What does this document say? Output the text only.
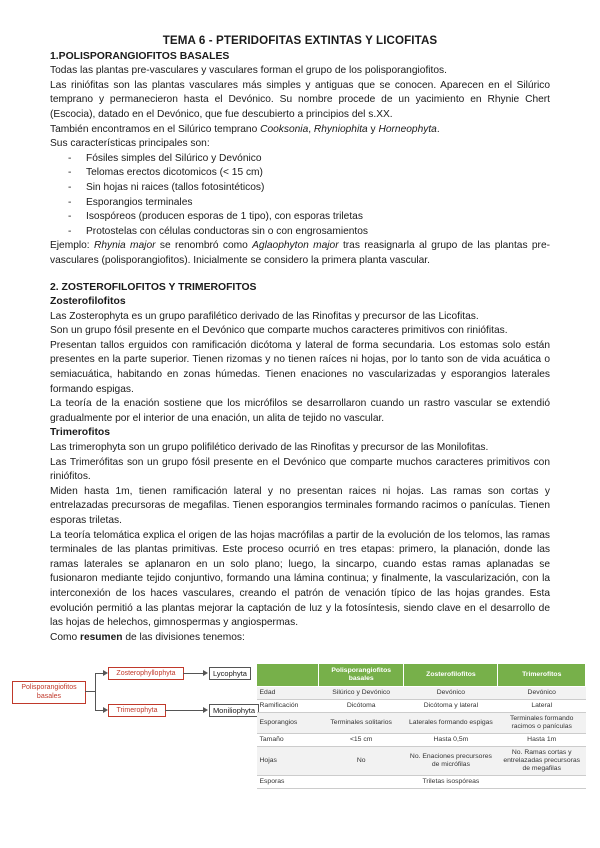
TEMA 6 - PTERIDOFITAS EXTINTAS Y LICOFITAS
1.POLISPORANGIOFITOS BASALES

Todas las plantas pre-vasculares y vasculares forman el grupo de los polisporangiofitos.

Las riniófitas son las plantas vasculares más simples y antiguas que se conocen. Aparecen en el Silúrico temprano y permanecieron hasta el Devónico. Su nombre procede de un yacimiento en Rhynie Chert (Escocia), datado en el Devónico, que fue descubierto a principios del s.XX.

También encontramos en el Silúrico temprano Cooksonia, Rhyniophita y Horneophyta.

Sus características principales son:

- Fósiles simples del Silúrico y Devónico
- Telomas erectos dicotomicos (< 15 cm)
- Sin hojas ni raices (tallos fotosintéticos)
- Esporangios terminales
- Isospóreos (producen esporas de 1 tipo), con esporas triletas
- Protostelas con células conductoras sin o con engrosamientos

Ejemplo: Rhynia major se renombró como Aglaophyton major tras reasignarla al grupo de las plantas pre-vasculares (polisporangiofitos). Inicialmente se considero la primera planta vascular.

2. ZOSTEROFILOFITOS Y TRIMEROFITOS
Zosterofilofitos

Las Zosterophyta es un grupo parafilético derivado de las Rinofitas y precursor de las Licofitas.

Son un grupo fósil presente en el Devónico que comparte muchos caracteres primitivos con riniófitas.

Presentan tallos erguidos con ramificación dicótoma y lateral de forma secundaria. Los estomas solo están presentes en la parte superior. Tienen rizomas y no tienen raíces ni hojas, por lo tanto son de vida acuática o semiacuática, habitando en zonas húmedas. Tienen enaciones no vascularizadas y esporangios laterales formando espigas.

La teoría de la enación sostiene que los micrófilos se desarrollaron cuando un rastro vascular se extendió gradualmente por el interior de una enación, un alita de tejido no vascular.

Trimerofitos

Las trimerophyta son un grupo polifilético derivado de las Rinofitas y precursor de las Monilofitas.

Las Trimerófitas son un grupo fósil presente en el Devónico que comparte muchos caracteres primitivos con riniófitos.

Miden hasta 1m, tienen ramificación lateral y no presentan raices ni hojas. Las ramas son cortas y entrelazadas precursoras de megafilas. Tienen esporangios terminales formando racimos o panículas. Tienen esporas triletas.

La teoría telomática explica el origen de las hojas macrófilas a partir de la evolución de los telomos, las ramas terminales de las plantas primitivas. Este proceso ocurrió en tres etapas: primero, la planación, donde las ramas laterales se aplanaron en un solo plano; luego, la sincarpo, cuando estas ramas aplanadas se fusionaron mediante tejido conjuntivo, formando una lámina continua; y finalmente, la vascularización, con la interconexión de los haces vasculares, creando el patrón de venación típico de las hojas grandes. Esta evolución permitió a las plantas mejorar la captación de luz y la fotosíntesis, siendo clave en el desarrollo de las hojas de helechos, gimnospermas y angiospermas.

Como resumen de las divisiones tenemos:

Polisporangiofitos basales
Zosterophyllophyta
Trimerophyta
Lycophyta
Moniliophyta
	Polisporangiofitos basales	Zosterofilofitos	Trimerofitos
Edad	Silúrico y Devónico	Devónico	Devónico
Ramificación	Dicótoma	Dicótoma y lateral	Lateral
Esporangios	Terminales solitarios	Laterales formando espigas	Terminales formando racimos o panículas
Tamaño	<15 cm	Hasta 0,5m	Hasta 1m
Hojas	No	No. Enaciones precursores de micrófilas	No. Ramas cortas y entrelazadas precursoras de megafilas
Esporas		Triletas isospóreas	
